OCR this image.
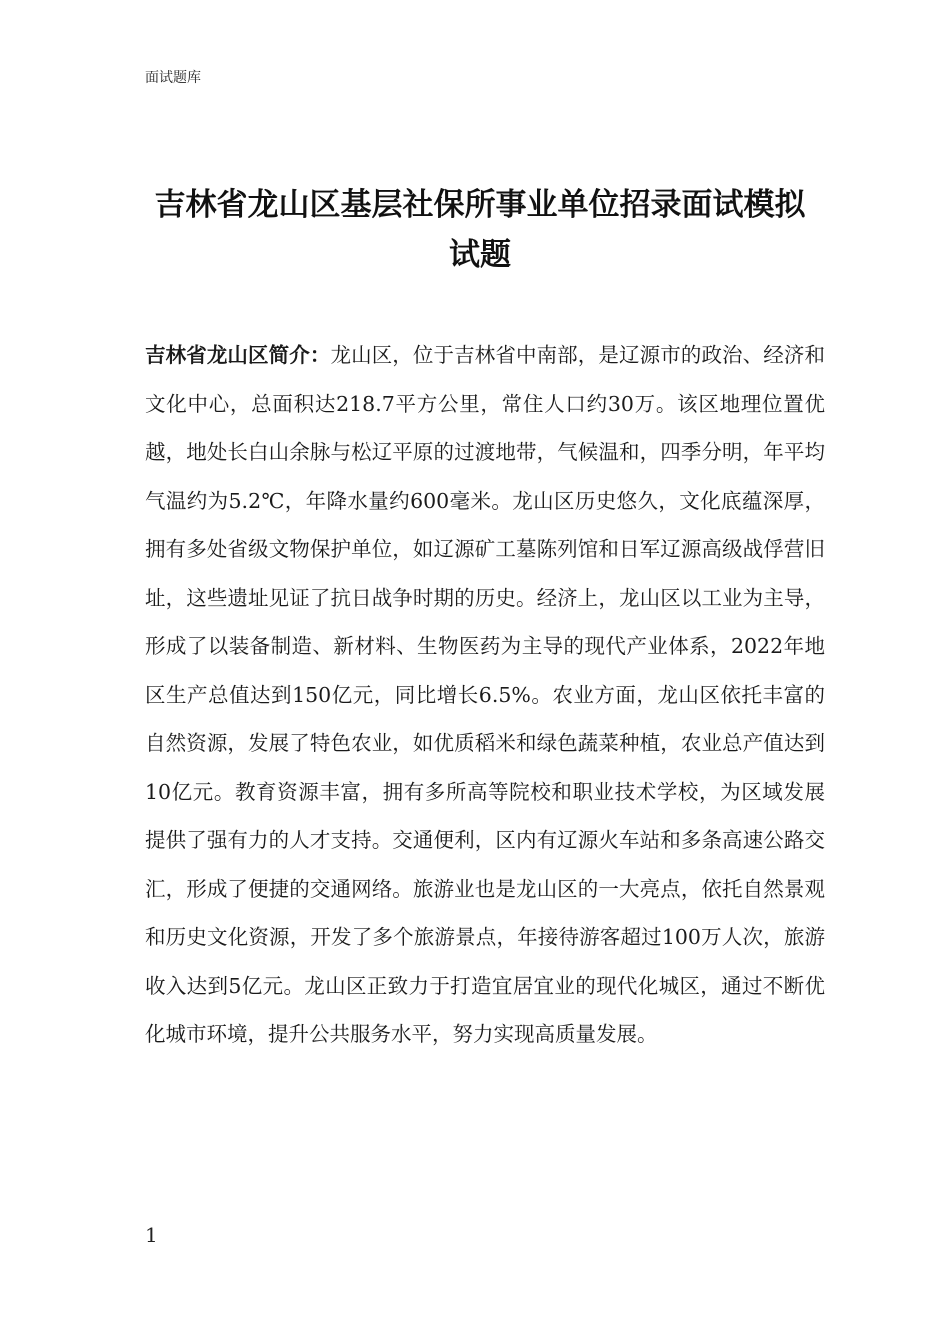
面试题库
吉林省龙山区基层社保所事业单位招录面试模拟试题

吉林省龙山区简介：龙山区，位于吉林省中南部，是辽源市的政治、经济和文化中心，总面积达218.7平方公里，常住人口约30万。该区地理位置优越，地处长白山余脉与松辽平原的过渡地带，气候温和，四季分明，年平均气温约为5.2℃，年降水量约600毫米。龙山区历史悠久，文化底蕴深厚，拥有多处省级文物保护单位，如辽源矿工墓陈列馆和日军辽源高级战俘营旧址，这些遗址见证了抗日战争时期的历史。经济上，龙山区以工业为主导，形成了以装备制造、新材料、生物医药为主导的现代产业体系，2022年地区生产总值达到150亿元，同比增长6.5%。农业方面，龙山区依托丰富的自然资源，发展了特色农业，如优质稻米和绿色蔬菜种植，农业总产值达到10亿元。教育资源丰富，拥有多所高等院校和职业技术学校，为区域发展提供了强有力的人才支持。交通便利，区内有辽源火车站和多条高速公路交汇，形成了便捷的交通网络。旅游业也是龙山区的一大亮点，依托自然景观和历史文化资源，开发了多个旅游景点，年接待游客超过100万人次，旅游收入达到5亿元。龙山区正致力于打造宜居宜业的现代化城区，通过不断优化城市环境，提升公共服务水平，努力实现高质量发展。

1
